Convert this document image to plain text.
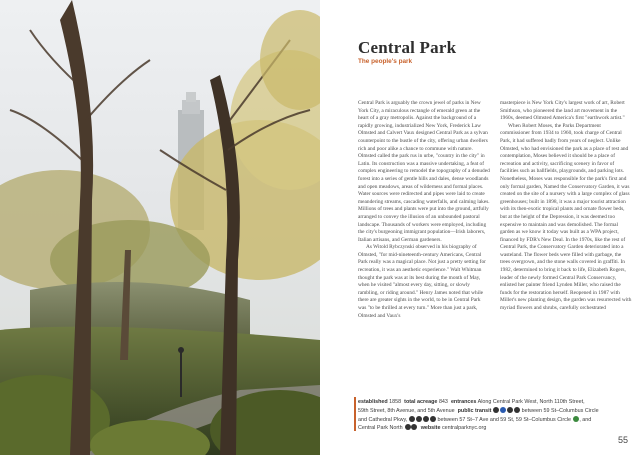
Central Park
The people's park

Central Park is arguably the crown jewel of parks in New York City, a miraculous rectangle of emerald green at the heart of a gray metropolis. Against the background of a rapidly growing, industrialized New York, Frederick Law Olmsted and Calvert Vaux designed Central Park as a sylvan counterpoint to the bustle of the city, offering urban dwellers rich and poor alike a chance to commune with nature. Olmsted called the park rus in urbe, "country in the city" in Latin. Its construction was a massive undertaking, a feat of complex engineering to remodel the topography of a denuded forest into a series of gentle hills and dales, dense woodlands and open meadows, areas of wilderness and formal places. Water sources were redirected and pipes were laid to create meandering streams, cascading waterfalls, and calming lakes. Millions of trees and plants were put into the ground, artfully arranged to convey the illusion of an unbounded pastoral landscape. Thousands of workers were employed, including the city's burgeoning immigrant population—Irish laborers, Italian artisans, and German gardeners.

As Witold Rybczynski observed in his biography of Olmsted, "for mid-nineteenth-century Americans, Central Park really was a magical place. Not just a pretty setting for recreation, it was an aesthetic experience." Walt Whitman thought the park was at its best during the month of May, when he visited "almost every day, sitting, or slowly rambling, or riding around." Henry James noted that while there are greater sights in the world, to be in Central Park was "to be thrilled at every turn." More than just a park, Olmsted and Vaux's

masterpiece is New York City's largest work of art, Robert Smithson, who pioneered the land art movement in the 1960s, deemed Olmsted America's first "earthwork artist."

When Robert Moses, the Parks Department commissioner from 1934 to 1960, took charge of Central Park, it had suffered badly from years of neglect. Unlike Olmsted, who had envisioned the park as a place of rest and contemplation, Moses believed it should be a place of recreation and activity, sacrificing scenery in favor of facilities such as ballfields, playgrounds, and parking lots. Nonetheless, Moses was responsible for the park's first and only formal garden, Named the Conservatory Garden, it was created on the site of a nursery with a large complex of glass greenhouses; built in 1898, it was a major tourist attraction with its then-exotic tropical plants and ornate flower beds, but at the height of the Depression, it was deemed too expensive to maintain and was demolished. The formal garden as we know it today was built as a WPA project, financed by FDR's New Deal. In the 1970s, like the rest of Central Park, the Conservatory Garden deteriorated into a wasteland. The flower beds were filled with garbage, the trees overgrown, and the stone walls covered in graffiti. In 1982, determined to bring it back to life, Elizabeth Rogers, leader of the newly formed Central Park Conservancy, enlisted her painter friend Lynden Miller, who raised the funds for the restoration herself. Reopened in 1987 with Miller's new planting design, the garden was resurrected with myriad flowers and shrubs, carefully orchestrated

established 1858 total acreage 843 entrances Along Central Park West, North 110th Street,
59th Street, 8th Avenue, and 5th Avenue public transit	between 59 St–Columbus Circle
and Cathedral Pkwy,	between 57 St–7 Ave and 59 St, 59 St–Columbus Circle , and
Central Park North	website centralparknyc.org
55
